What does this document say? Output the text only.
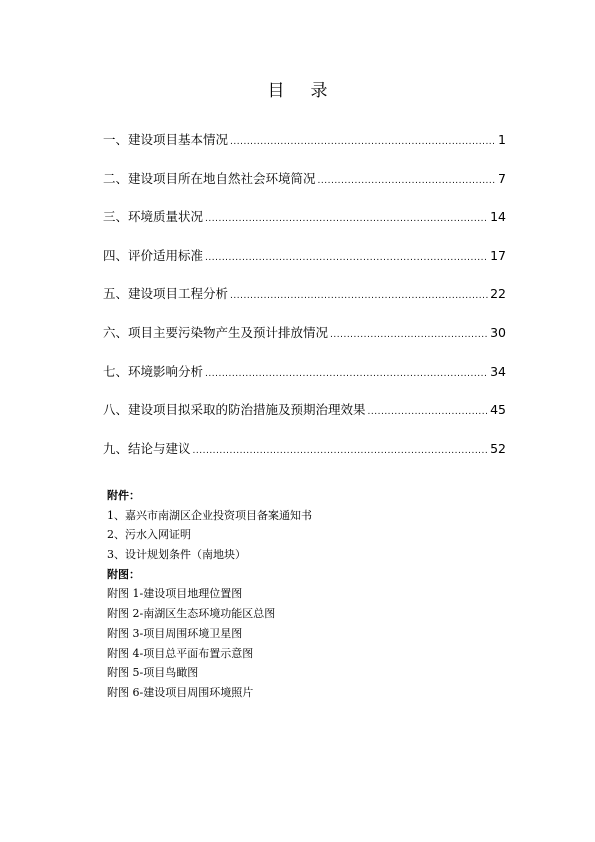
目 录
一、建设项目基本情况 .....	1
二、建设项目所在地自然社会环境简况 .....	7
三、环境质量状况 .....	14
四、评价适用标准 .....	17
五、建设项目工程分析 .....	22
六、项目主要污染物产生及预计排放情况 .....	30
七、环境影响分析 .....	34
八、建设项目拟采取的防治措施及预期治理效果 .....	45
九、结论与建议 .....	52
附件：
1、嘉兴市南湖区企业投资项目备案通知书
2、污水入网证明
3、设计规划条件（南地块）
附图：
附图 1-建设项目地理位置图
附图 2-南湖区生态环境功能区总图
附图 3-项目周围环境卫星图
附图 4-项目总平面布置示意图
附图 5-项目鸟瞰图
附图 6-建设项目周围环境照片
